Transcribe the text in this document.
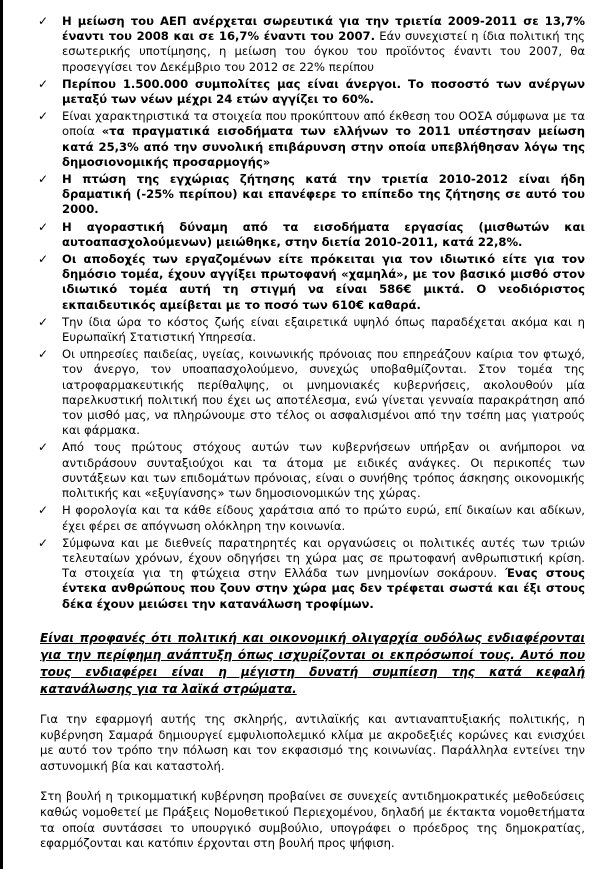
✓	Η μείωση του ΑΕΠ ανέρχεται σωρευτικά για την τριετία 2009-2011 σε 13,7% έναντι του 2008 και σε 16,7% έναντι του 2007. Εάν συνεχιστεί η ίδια πολιτική της εσωτερικής υποτίμησης, η μείωση του όγκου του προϊόντος έναντι του 2007, θα προσεγγίσει τον Δεκέμβριο του 2012 σε 22% περίπου
✓	Περίπου 1.500.000 συμπολίτες μας είναι άνεργοι. Το ποσοστό των ανέργων μεταξύ των νέων μέχρι 24 ετών αγγίζει το 60%.
✓	Είναι χαρακτηριστικά τα στοιχεία που προκύπτουν από έκθεση του ΟΟΣΑ σύμφωνα με τα οποία «τα πραγματικά εισοδήματα των ελλήνων το 2011 υπέστησαν μείωση κατά 25,3% από την συνολική επιβάρυνση στην οποία υπεβλήθησαν λόγω της δημοσιονομικής προσαρμογής»
✓	Η πτώση της εγχώριας ζήτησης κατά την τριετία 2010-2012 είναι ήδη δραματική (-25% περίπου) και επανέφερε το επίπεδο της ζήτησης σε αυτό του 2000.
✓	Η αγοραστική δύναμη από τα εισοδήματα εργασίας (μισθωτών και αυτοαπασχολούμενων) μειώθηκε, στην διετία 2010-2011, κατά 22,8%.
✓	Οι αποδοχές των εργαζομένων είτε πρόκειται για τον ιδιωτικό είτε για τον δημόσιο τομέα, έχουν αγγίξει πρωτοφανή «χαμηλά», με τον βασικό μισθό στον ιδιωτικό τομέα αυτή τη στιγμή να είναι 586€ μικτά. Ο νεοδιόριστος εκπαιδευτικός αμείβεται με το ποσό των 610€ καθαρά.
✓	Την ίδια ώρα το κόστος ζωής είναι εξαιρετικά υψηλό όπως παραδέχεται ακόμα και η Ευρωπαϊκή Στατιστική Υπηρεσία.
✓	Οι υπηρεσίες παιδείας, υγείας, κοινωνικής πρόνοιας που επηρεάζουν καίρια τον φτωχό, τον άνεργο, τον υποαπασχολούμενο, συνεχώς υποβαθμίζονται. Στον τομέα της ιατροφαρμακευτικής περίθαλψης, οι μνημονιακές κυβερνήσεις, ακολουθούν μία παρελκυστική πολιτική που έχει ως αποτέλεσμα, ενώ γίνεται γενναία παρακράτηση από τον μισθό μας, να πληρώνουμε στο τέλος οι ασφαλισμένοι από την τσέπη μας γιατρούς και φάρμακα.
✓	Από τους πρώτους στόχους αυτών των κυβερνήσεων υπήρξαν οι ανήμποροι να αντιδράσουν συνταξιούχοι και τα άτομα με ειδικές ανάγκες. Οι περικοπές των συντάξεων και των επιδομάτων πρόνοιας, είναι ο συνήθης τρόπος άσκησης οικονομικής πολιτικής και «εξυγίανσης» των δημοσιονομικών της χώρας.
✓	Η φορολογία και τα κάθε είδους χαράτσια από το πρώτο ευρώ, επί δικαίων και αδίκων, έχει φέρει σε απόγνωση ολόκληρη την κοινωνία.
✓	Σύμφωνα και με διεθνείς παρατηρητές και οργανώσεις οι πολιτικές αυτές των τριών τελευταίων χρόνων, έχουν οδηγήσει τη χώρα μας σε πρωτοφανή ανθρωπιστική κρίση. Τα στοιχεία για τη φτώχεια στην Ελλάδα των μνημονίων σοκάρουν. Ένας στους έντεκα ανθρώπους που ζουν στην χώρα μας δεν τρέφεται σωστά και έξι στους δέκα έχουν μειώσει την κατανάλωση τροφίμων.

Είναι προφανές ότι πολιτική και οικονομική ολιγαρχία ουδόλως ενδιαφέρονται για την περίφημη ανάπτυξη όπως ισχυρίζονται οι εκπρόσωποί τους. Αυτό που τους ενδιαφέρει είναι η μέγιστη δυνατή συμπίεση της κατά κεφαλή κατανάλωσης για τα λαϊκά στρώματα.

Για την εφαρμογή αυτής της σκληρής, αντιλαϊκής και αντιαναπτυξιακής πολιτικής, η κυβέρνηση Σαμαρά δημιουργεί εμφυλιοπολεμικό κλίμα με ακροδεξιές κορώνες και ενισχύει με αυτό τον τρόπο την πόλωση και τον εκφασισμό της κοινωνίας. Παράλληλα εντείνει την αστυνομική βία και καταστολή.

Στη βουλή η τρικομματική κυβέρνηση προβαίνει σε συνεχείς αντιδημοκρατικές μεθοδεύσεις καθώς νομοθετεί με Πράξεις Νομοθετικού Περιεχομένου, δηλαδή με έκτακτα νομοθετήματα τα οποία συντάσσει το υπουργικό συμβούλιο, υπογράφει ο πρόεδρος της δημοκρατίας, εφαρμόζονται και κατόπιν έρχονται στη βουλή προς ψήφιση.
